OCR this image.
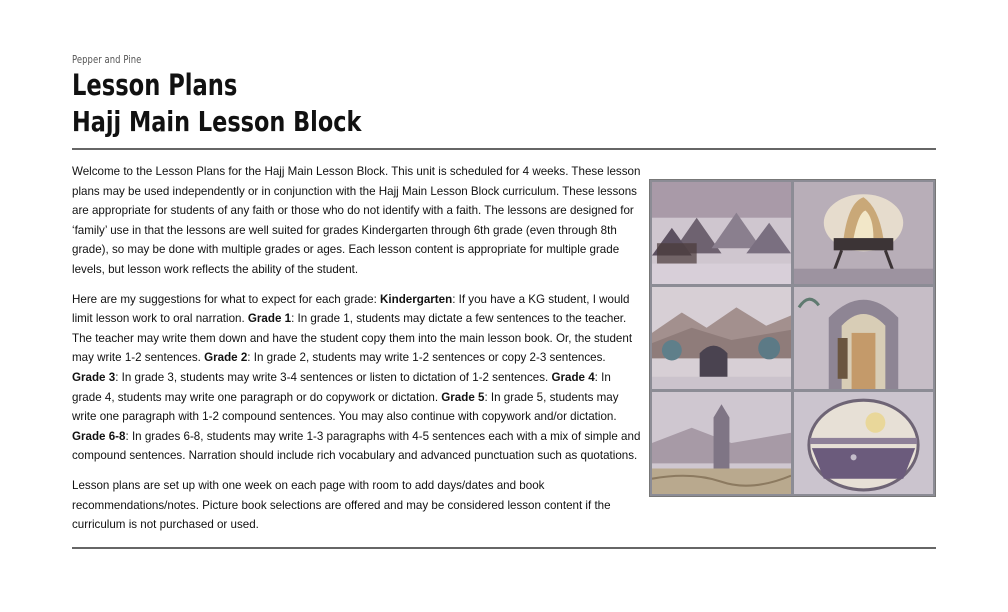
Pepper and Pine
Lesson Plans
Hajj Main Lesson Block

Welcome to the Lesson Plans for the Hajj Main Lesson Block. This unit is scheduled for 4 weeks. These lesson plans may be used independently or in conjunction with the Hajj Main Lesson Block curriculum. These lessons are appropriate for students of any faith or those who do not identify with a faith. The lessons are designed for ‘family’ use in that the lessons are well suited for grades Kindergarten through 6th grade (even through 8th grade), so may be done with multiple grades or ages. Each lesson content is appropriate for multiple grade levels, but lesson work reflects the ability of the student.

Here are my suggestions for what to expect for each grade: Kindergarten: If you have a KG student, I would limit lesson work to oral narration. Grade 1: In grade 1, students may dictate a few sentences to the teacher. The teacher may write them down and have the student copy them into the main lesson book. Or, the student may write 1-2 sentences. Grade 2: In grade 2, students may write 1-2 sentences or copy 2-3 sentences. Grade 3: In grade 3, students may write 3-4 sentences or listen to dictation of 1-2 sentences. Grade 4: In grade 4, students may write one paragraph or do copywork or dictation. Grade 5: In grade 5, students may write one paragraph with 1-2 compound sentences. You may also continue with copywork and/or dictation. Grade 6-8: In grades 6-8, students may write 1-3 paragraphs with 4-5 sentences each with a mix of simple and compound sentences. Narration should include rich vocabulary and advanced punctuation such as quotations.

Lesson plans are set up with one week on each page with room to add days/dates and book recommendations/notes. Picture book selections are offered and may be considered lesson content if the curriculum is not purchased or used.
